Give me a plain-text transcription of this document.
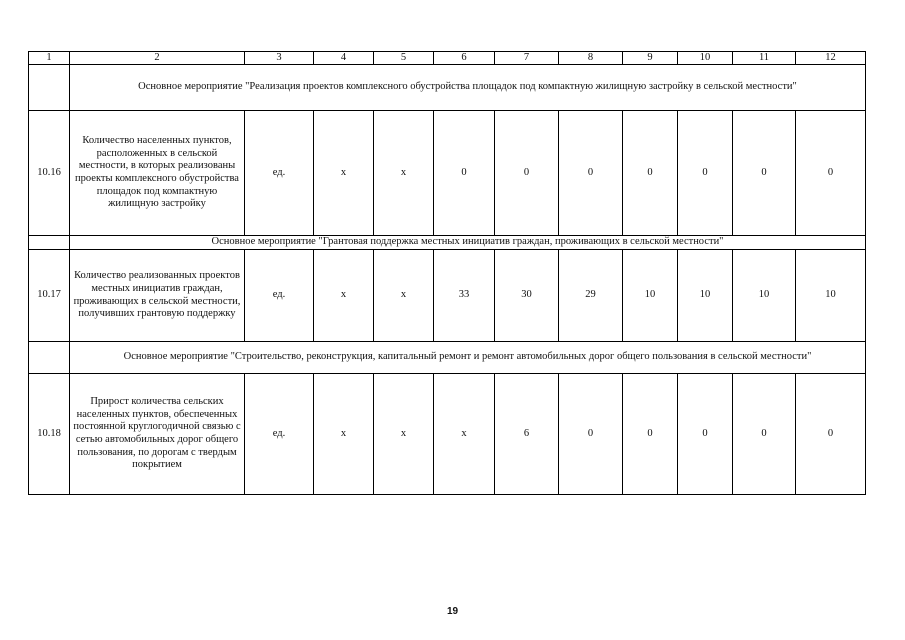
1	2	3	4	5	6	7	8	9	10	11	12
	Основное мероприятие "Реализация проектов комплексного обустройства площадок под компактную жилищную застройку в сельской местности"										
10.16	Количество населенных пунктов, расположенных в сельской местности, в которых реализованы проекты комплексного обустройства площадок под компактную жилищную застройку	ед.	х	х	0	0	0	0	0	0	0
	Основное мероприятие "Грантовая поддержка местных инициатив граждан, проживающих в сельской местности"										
10.17	Количество реализованных проектов местных инициатив граждан, проживающих в сельской местности, получивших грантовую поддержку	ед.	х	х	33	30	29	10	10	10	10
	Основное мероприятие "Строительство, реконструкция, капитальный ремонт и ремонт автомобильных дорог общего пользования в сельской местности"										
10.18	Прирост количества сельских населенных пунктов, обеспеченных постоянной круглогодичной связью с сетью автомобильных дорог общего пользования, по дорогам с твердым покрытием	ед.	х	х	х	6	0	0	0	0	0
19
